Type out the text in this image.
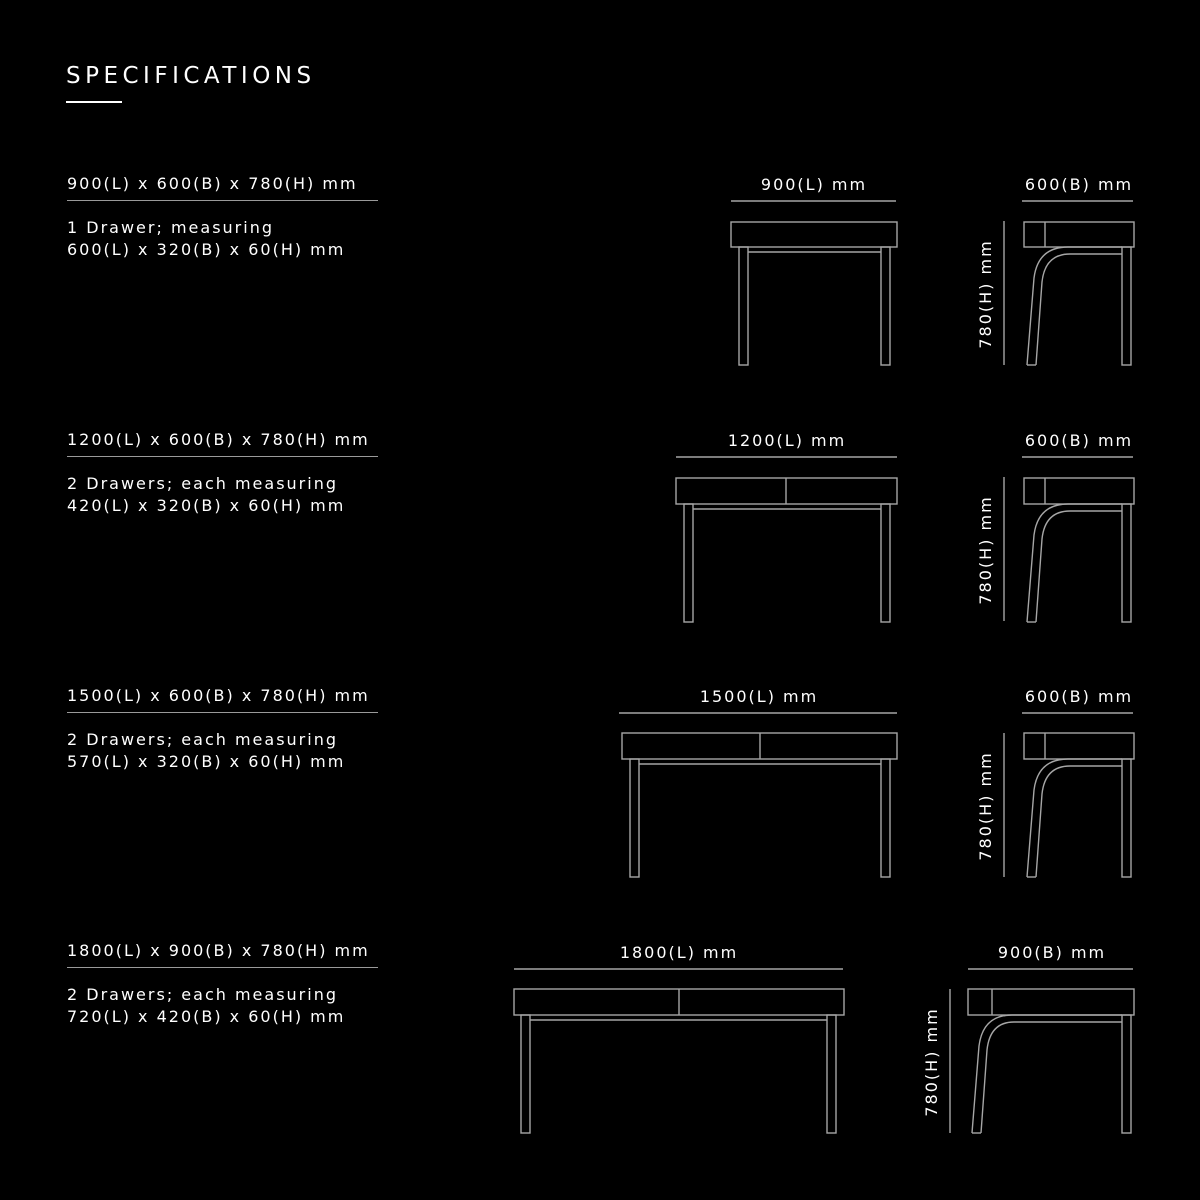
SPECIFICATIONS
900(L) x 600(B) x 780(H) mm
1 Drawer; measuring
600(L) x 320(B) x 60(H) mm
1200(L) x 600(B) x 780(H) mm
2 Drawers; each measuring
420(L) x 320(B) x 60(H) mm
1500(L) x 600(B) x 780(H) mm
2 Drawers; each measuring
570(L) x 320(B) x 60(H) mm
1800(L) x 900(B) x 780(H) mm
2 Drawers; each measuring
720(L) x 420(B) x 60(H) mm
900(L) mm	600(B) mm
780(H) mm
1200(L) mm	600(B) mm
780(H) mm
1500(L) mm	600(B) mm
780(H) mm
1800(L) mm	900(B) mm
780(H) mm
